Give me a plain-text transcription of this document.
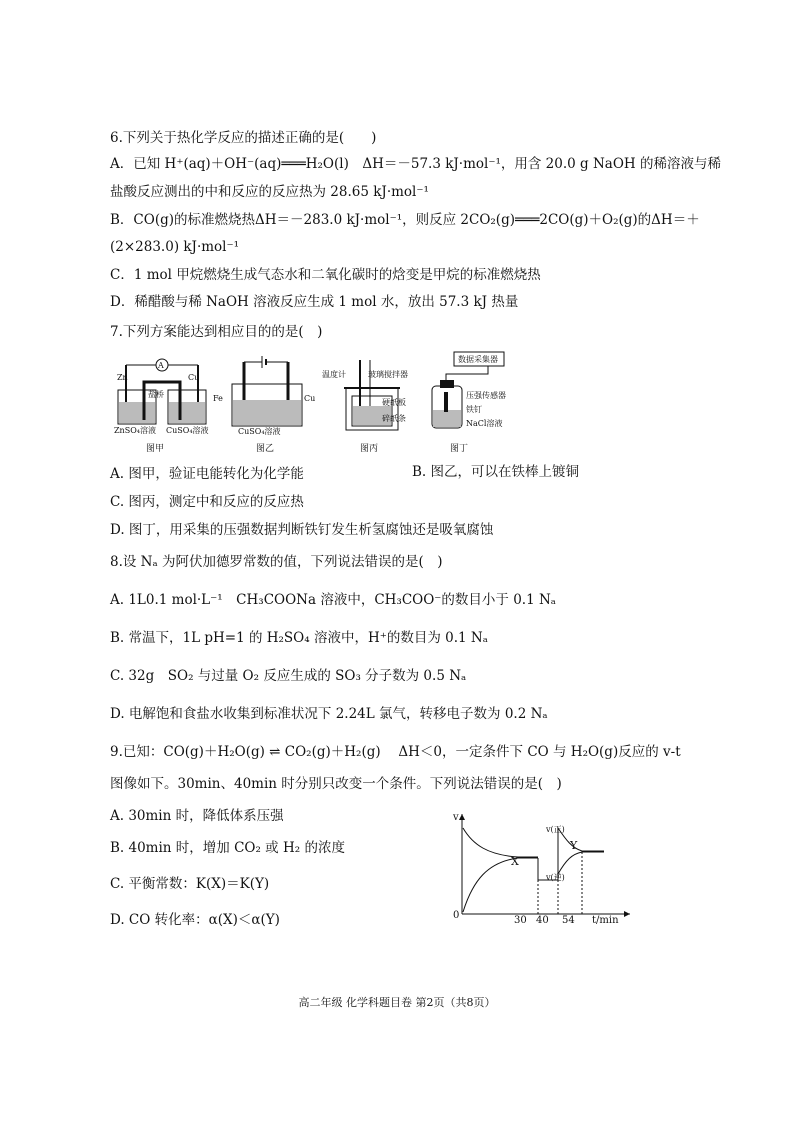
6.下列关于热化学反应的描述正确的是(　　)
A．已知 H⁺(aq)＋OH⁻(aq)═══H₂O(l)　ΔH＝－57.3 kJ·mol⁻¹，用含 20.0 g NaOH 的稀溶液与稀
盐酸反应测出的中和反应的反应热为 28.65 kJ·mol⁻¹
B．CO(g)的标准燃烧热ΔH＝－283.0 kJ·mol⁻¹，则反应 2CO₂(g)═══2CO(g)＋O₂(g)的ΔH＝＋
(2×283.0) kJ·mol⁻¹
C．1 mol 甲烷燃烧生成气态水和二氧化碳时的焓变是甲烷的标准燃烧热
D．稀醋酸与稀 NaOH 溶液反应生成 1 mol 水，放出 57.3 kJ 热量
7.下列方案能达到相应目的的是(　)
Zn	Cu
A
盐桥
ZnSO₄溶液 CuSO₄溶液
图甲
Fe	Cu
CuSO₄溶液
图乙
温度计	玻璃搅拌器
硬纸板
碎纸条
图丙
数据采集器
压强传感器
铁钉
NaCl溶液
图丁
A. 图甲，验证电能转化为化学能	B. 图乙，可以在铁棒上镀铜
C. 图丙，测定中和反应的反应热
D. 图丁，用采集的压强数据判断铁钉发生析氢腐蚀还是吸氧腐蚀
8.设 Nₐ 为阿伏加德罗常数的值，下列说法错误的是(　)
A. 1L0.1 mol·L⁻¹　CH₃COONa 溶液中，CH₃COO⁻的数目小于 0.1 Nₐ
B. 常温下，1L pH=1 的 H₂SO₄ 溶液中，H⁺的数目为 0.1 Nₐ
C. 32g　SO₂ 与过量 O₂ 反应生成的 SO₃ 分子数为 0.5 Nₐ
D. 电解饱和食盐水收集到标准状况下 2.24L 氯气，转移电子数为 0.2 Nₐ
9.已知：CO(g)＋H₂O(g) ⇌ CO₂(g)＋H₂(g)　 ΔH＜0，一定条件下 CO 与 H₂O(g)反应的 v-t
图像如下。30min、40min 时分别只改变一个条件。下列说法错误的是(　)
A. 30min 时，降低体系压强
B. 40min 时，增加 CO₂ 或 H₂ 的浓度
C. 平衡常数：K(X)＝K(Y)
D. CO 转化率：α(X)＜α(Y)
v
0
X
Y
v(正)
v(逆)
30 40 54 t/min
高二年级 化学科题目卷 第2页（共8页）
